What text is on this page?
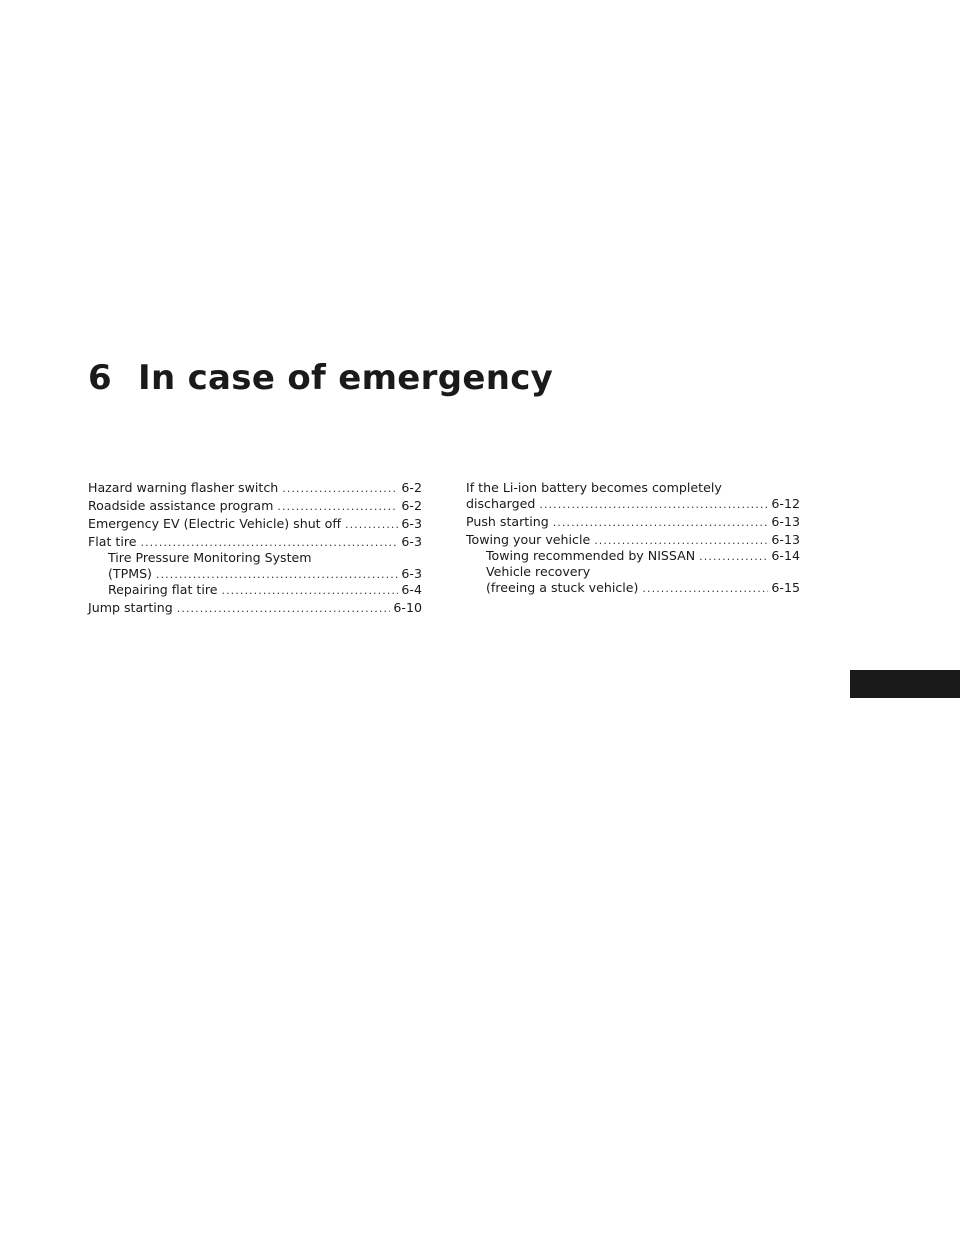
6 In case of emergency
Hazard warning flasher switch . . .	6-2
Roadside assistance program . . .	6-2
Emergency EV (Electric Vehicle) shut off . . .	6-3
Flat tire . . .	6-3
Tire Pressure Monitoring System
(TPMS) . . .	6-3
Repairing flat tire . . .	6-4
Jump starting . . .	6-10
If the Li-ion battery becomes completely
discharged . . .	6-12
Push starting . . .	6-13
Towing your vehicle . . .	6-13
Towing recommended by NISSAN . . .	6-14
Vehicle recovery
(freeing a stuck vehicle) . . .	6-15
